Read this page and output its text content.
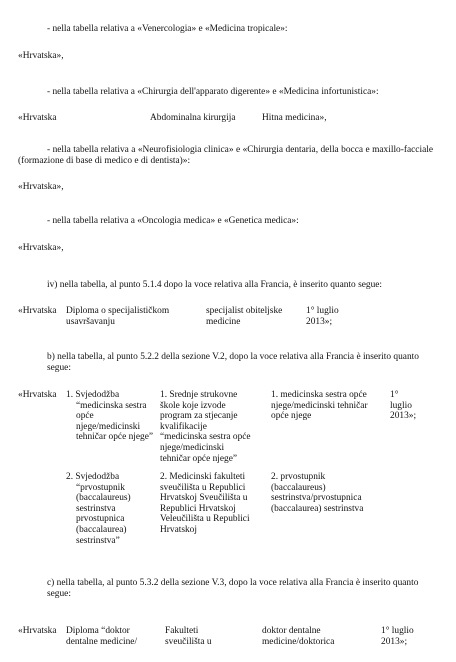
- nella tabella relativa a «Venercologia» e «Medicina tropicale»:
«Hrvatska»,
- nella tabella relativa a «Chirurgia dell'apparato digerente» e «Medicina infortunistica»:
«Hrvatska	Abdominalna kirurgija	Hitna medicina»,
- nella tabella relativa a «Neurofisiologia clinica» e «Chirurgia dentaria, della bocca e maxillo-facciale (formazione di base di medico e di dentista)»:
«Hrvatska»,
- nella tabella relativa a «Oncologia medica» e «Genetica medica»:
«Hrvatska»,
iv) nella tabella, al punto 5.1.4 dopo la voce relativa alla Francia, è inserito quanto segue:
«Hrvatska Diploma o specijalističkom
usavršavanju
specijalist obiteljske
medicine
1° luglio
2013»;
b) nella tabella, al punto 5.2.2 della sezione V.2, dopo la voce relativa alla Francia è inserito quanto segue:
«Hrvatska 1. Svjedodžba
“medicinska sestra
opće
njege/medicinski
tehničar opće njege”
1. Srednje strukovne
škole koje izvode
program za stjecanje
kvalifikacije
“medicinska sestra opće
njege/medicinski
tehničar opće njege”
1. medicinska sestra opće
njege/medicinski tehničar
opće njege
1°
luglio
2013»;
2. Svjedodžba
“prvostupnik
(baccalaureus)
sestrinstva
prvostupnica
(baccalaurea)
sestrinstva”
2. Medicinski fakulteti
sveučilišta u Republici
Hrvatskoj Sveučilišta u
Republici Hrvatskoj
Veleučilišta u Republici
Hrvatskoj
2. prvostupnik
(baccalaureus)
sestrinstva/prvostupnica
(baccalaurea) sestrinstva
c) nella tabella, al punto 5.3.2 della sezione V.3, dopo la voce relativa alla Francia è inserito quanto segue:
«Hrvatska Diploma “doktor
dentalne medicine/
Fakulteti
sveučilišta u
doktor dentalne
medicine/doktorica
1° luglio
2013»;
